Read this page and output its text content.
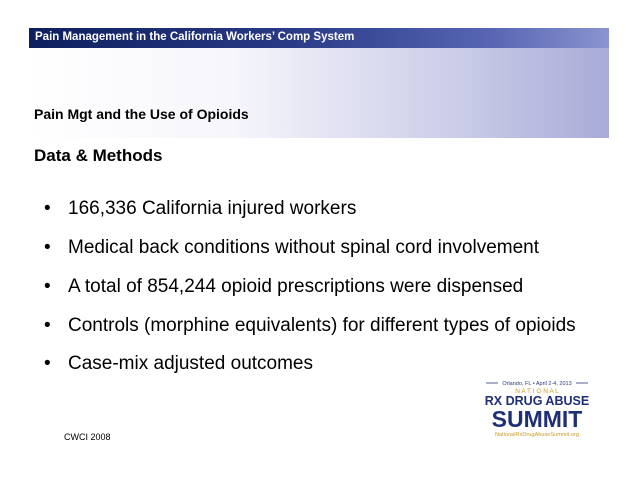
Pain Management in the California Workers’ Comp System
Pain Mgt and the Use of Opioids
Data & Methods
• 166,336 California injured workers
• Medical back conditions without spinal cord involvement
• A total of 854,244 opioid prescriptions were dispensed
• Controls (morphine equivalents) for different types of opioids
• Case-mix adjusted outcomes
CWCI 2008
Orlando, FL • April 2-4, 2013
N A T I O N A L
RX DRUG ABUSE
SUMMIT
NationalRxDrugAbuseSummit.org
